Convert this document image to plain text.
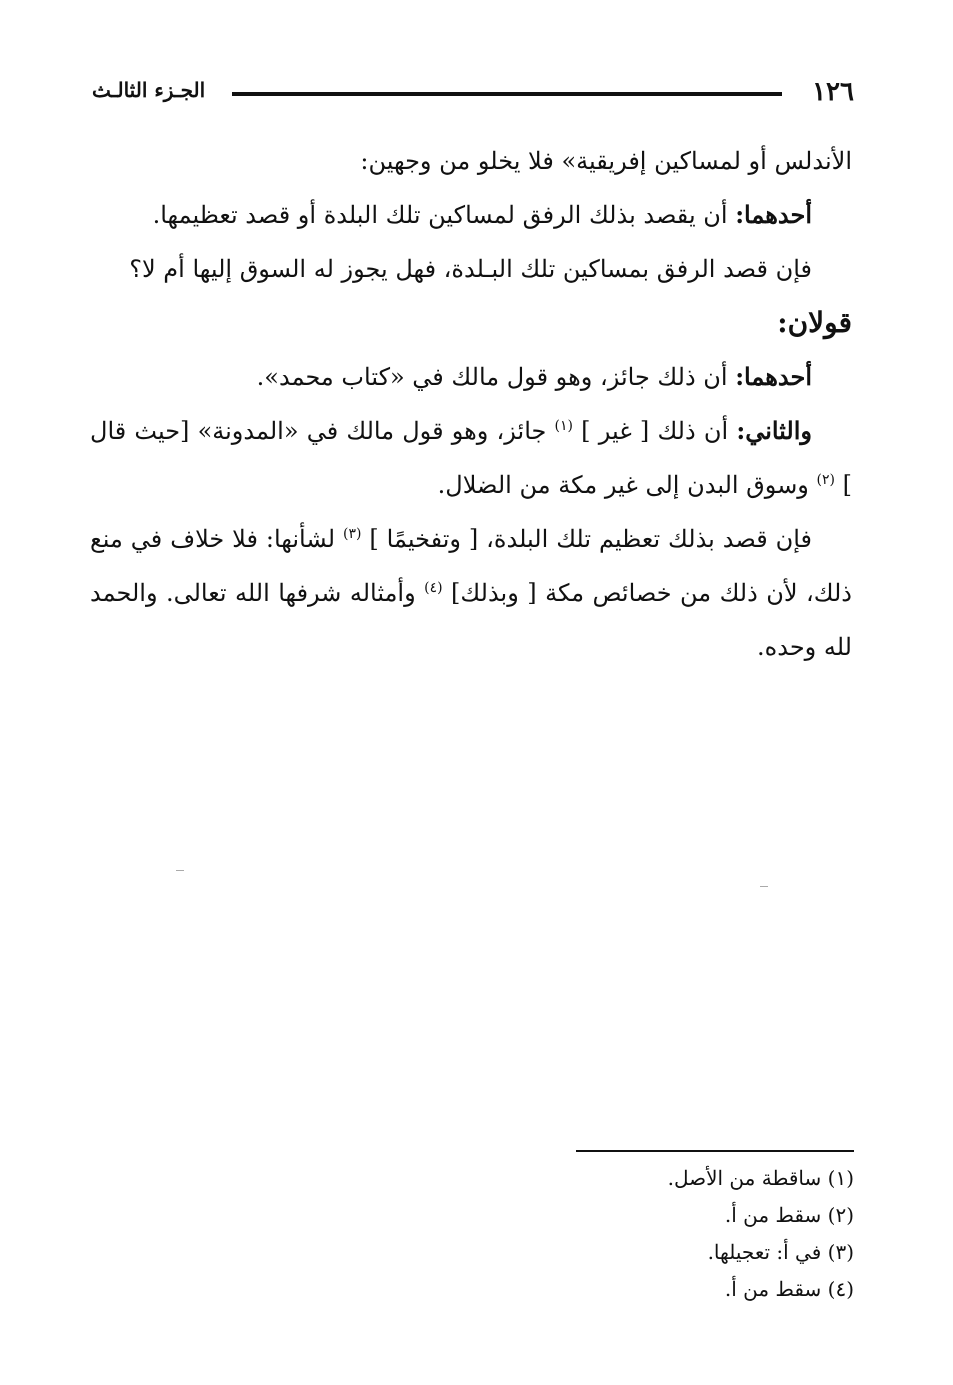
١٢٦
الجـزء الثالـث

الأندلس أو لمساكين إفريقية» فلا يخلو من وجهين:

أحدهما: أن يقصد بذلك الرفق لمساكين تلك البلدة أو قصد تعظيمها.

فإن قصد الرفق بمساكين تلك البـلدة، فهل يجوز له السوق إليها أم لا؟

قولان:

أحدهما: أن ذلك جائز، وهو قول مالك في «كتاب محمد».

والثاني: أن ذلك [ غير ] $^{(١)}$ جائز، وهو قول مالك في «المدونة» [حيث قال ] $^{(٢)}$ وسوق البدن إلى غير مكة من الضلال.

فإن قصد بذلك تعظيم تلك البلدة، [ وتفخيمًا ] $^{(٣)}$ لشأنها: فلا خلاف في منع ذلك، لأن ذلك من خصائص مكة [ وبذلك] $^{(٤)}$ وأمثاله شرفها الله تعالى. والحمد لله وحده.

(١) ساقطة من الأصل.

(٢) سقط من أ.

(٣) في أ: تعجيلها.

(٤) سقط من أ.
